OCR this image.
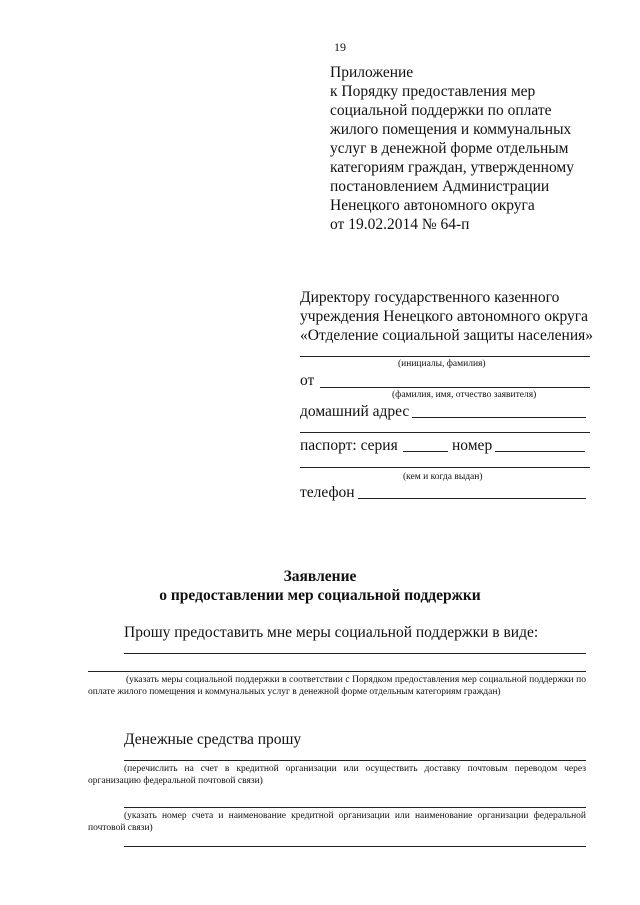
19
Приложение
к Порядку предоставления мер
социальной поддержки по оплате
жилого помещения и коммунальных
услуг в денежной форме отдельным
категориям граждан, утвержденному
постановлением Администрации
Ненецкого автономного округа
от 19.02.2014 № 64-п
Директору государственного казенного
учреждения Ненецкого автономного округа
«Отделение социальной защиты населения»
(инициалы, фамилия)
от
(фамилия, имя, отчество заявителя)
домашний адрес
паспорт: серия	номер
(кем и когда выдан)
телефон
Заявление
о предоставлении мер социальной поддержки
Прошу предоставить мне меры социальной поддержки в виде:
(указать меры социальной поддержки в соответствии с Порядком предоставления мер социальной поддержки по оплате жилого помещения и коммунальных услуг в денежной форме отдельным категориям граждан)
Денежные средства прошу
(перечислить на счет в кредитной организации или осуществить доставку почтовым переводом через организацию федеральной почтовой связи)
(указать номер счета и наименование кредитной организации или наименование организации федеральной почтовой связи)
